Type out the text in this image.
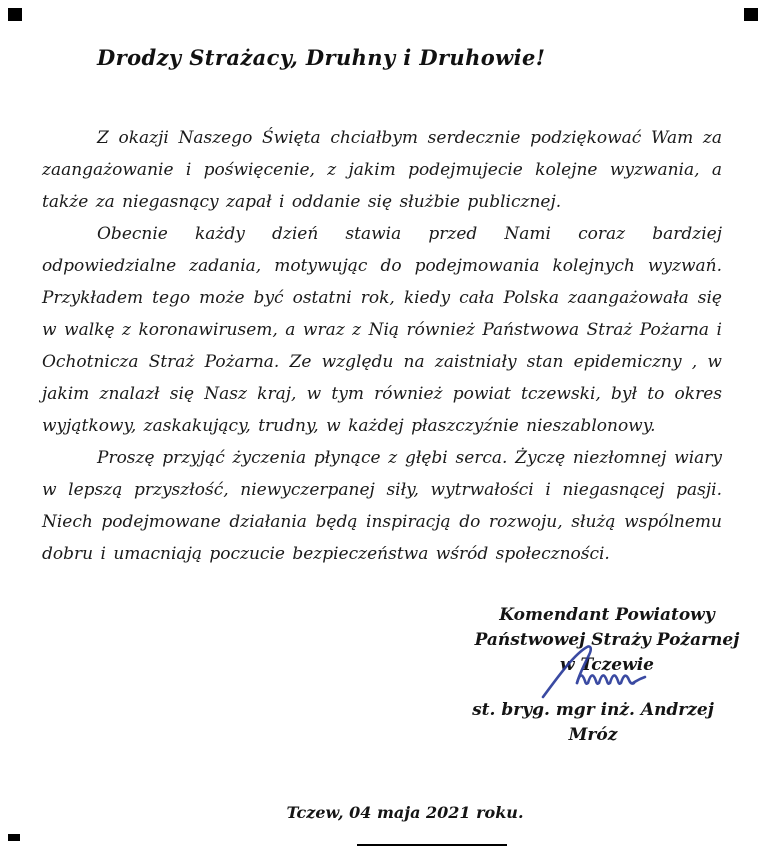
Drodzy Strażacy, Druhny i Druhowie!

Z okazji Naszego Święta chciałbym serdecznie podziękować Wam za zaangażowanie i poświęcenie, z jakim podejmujecie kolejne wyzwania, a także za niegasnący zapał i oddanie się służbie publicznej.

Obecnie każdy dzień stawia przed Nami coraz bardziej odpowiedzialne zadania, motywując do podejmowania kolejnych wyzwań. Przykładem tego może być ostatni rok, kiedy cała Polska zaangażowała się w walkę z koronawirusem, a wraz z Nią również Państwowa Straż Pożarna i Ochotnicza Straż Pożarna. Ze względu na zaistniały stan epidemiczny , w jakim znalazł się Nasz kraj, w tym również powiat tczewski, był to okres wyjątkowy, zaskakujący, trudny, w każdej płaszczyźnie nieszablonowy.

Proszę przyjąć życzenia płynące z głębi serca. Życzę niezłomnej wiary w lepszą przyszłość, niewyczerpanej siły, wytrwałości i niegasnącej pasji. Niech podejmowane działania będą inspiracją do rozwoju, służą wspólnemu dobru i umacniają poczucie bezpieczeństwa wśród społeczności.

Komendant Powiatowy
Państwowej Straży Pożarnej
w Tczewie
st. bryg. mgr inż. Andrzej Mróz
Tczew, 04 maja 2021 roku.
